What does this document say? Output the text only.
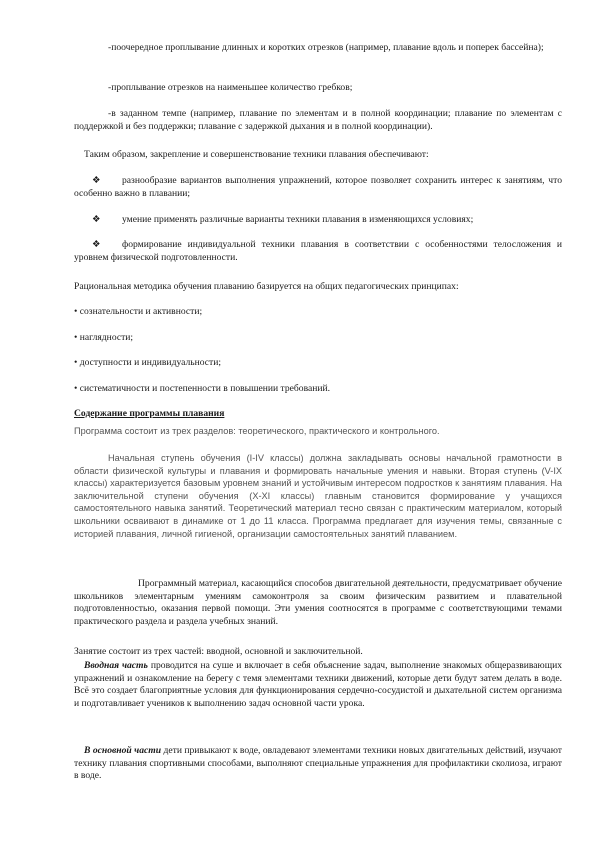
-поочередное проплывание длинных и коротких отрезков (например, плавание вдоль и поперек бассейна);

-проплывание отрезков на наименьшее количество гребков;

-в заданном темпе (например, плавание по элементам и в полной координации; плавание по элементам с поддержкой и без поддержки; плавание с задержкой дыхания и в полной координации).

Таким образом, закрепление и совершенствование техники плавания обеспечивают:

❖ разнообразие вариантов выполнения упражнений, которое позволяет сохранить интерес к занятиям, что особенно важно в плавании;
❖ умение применять различные варианты техники плавания в изменяющихся условиях;
❖ формирование индивидуальной техники плавания в соответствии с особенностями телосложения и уровнем физической подготовленности.

Рациональная методика обучения плаванию базируется на общих педагогических принципах:

• сознательности и активности;

• наглядности;

• доступности и индивидуальности;

• систематичности и постепенности в повышении требований.

Содержание программы плавания

Программа состоит из трех разделов: теоретического, практического и контрольного.

Начальная ступень обучения (I-IV классы) должна закладывать основы начальной грамотности в области физической культуры и плавания и формировать начальные умения и навыки. Вторая ступень (V-IX классы) характеризуется базовым уровнем знаний и устойчивым интересом подростков к занятиям плавания. На заключительной ступени обучения (X-XI классы) главным становится формирование у учащихся самостоятельного навыка занятий. Теоретический материал тесно связан с практическим материалом, который школьники осваивают в динамике от 1 до 11 класса. Программа предлагает для изучения темы, связанные с историей плавания, личной гигиеной, организации самостоятельных занятий плаванием.

Программный материал, касающийся способов двигательной деятельности, предусматривает обучение школьников элементарным умениям самоконтроля за своим физическим развитием и плавательной подготовленностью, оказания первой помощи. Эти умения соотносятся в программе с соответствующими темами практического раздела и раздела учебных знаний.

Занятие состоит из трех частей: вводной, основной и заключительной.

Вводная часть проводится на суше и включает в себя объяснение задач, выполнение знакомых общеразвивающих упражнений и ознакомление на берегу с темя элементами техники движений, которые дети будут затем делать в воде. Всё это создает благоприятные условия для функционирования сердечно-сосудистой и дыхательной систем организма и подготавливает учеников к выполнению задач основной части урока.

В основной части дети привыкают к воде, овладевают элементами техники новых двигательных действий, изучают технику плавания спортивными способами, выполняют специальные упражнения для профилактики сколиоза, играют в воде.
